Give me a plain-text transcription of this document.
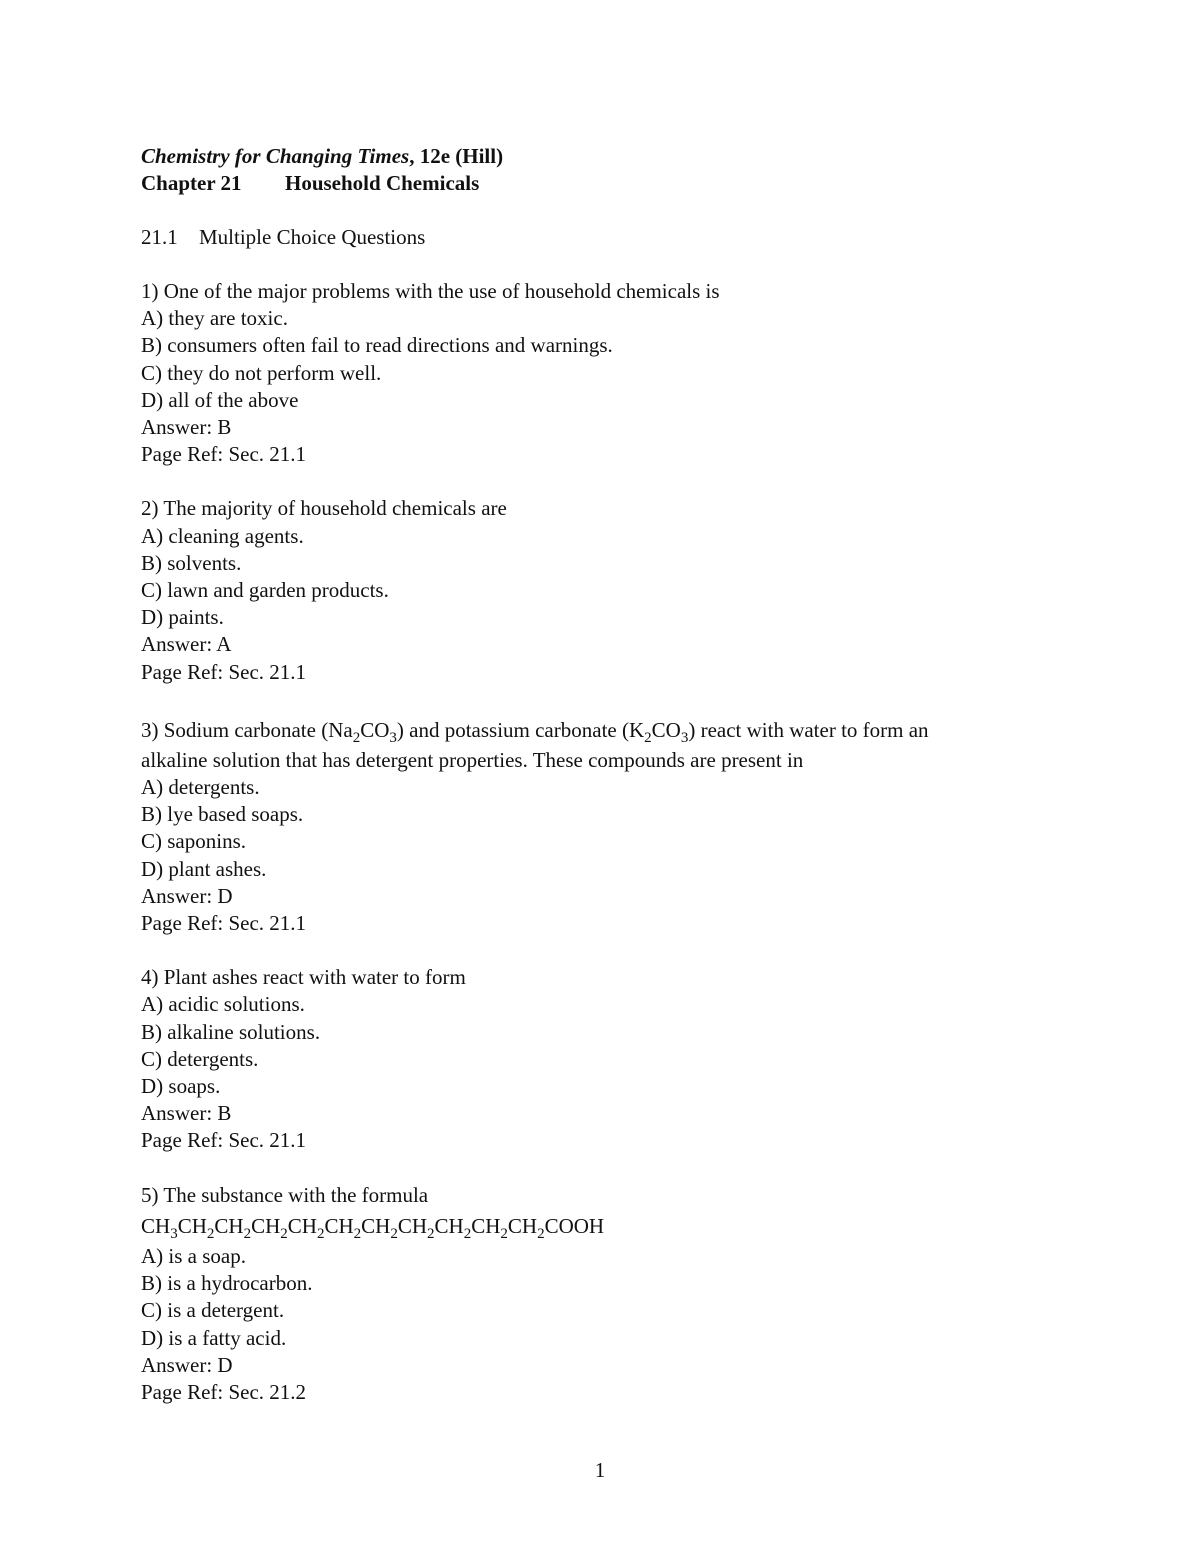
Chemistry for Changing Times, 12e (Hill)
Chapter 21 Household Chemicals
21.1 Multiple Choice Questions
1) One of the major problems with the use of household chemicals is
A) they are toxic.
B) consumers often fail to read directions and warnings.
C) they do not perform well.
D) all of the above
Answer: B
Page Ref: Sec. 21.1
2) The majority of household chemicals are
A) cleaning agents.
B) solvents.
C) lawn and garden products.
D) paints.
Answer: A
Page Ref: Sec. 21.1
3) Sodium carbonate $(Na_2CO_3)$ and potassium carbonate $(K_2CO_3)$ react with water to form an
alkaline solution that has detergent properties. These compounds are present in
A) detergents.
B) lye based soaps.
C) saponins.
D) plant ashes.
Answer: D
Page Ref: Sec. 21.1
4) Plant ashes react with water to form
A) acidic solutions.
B) alkaline solutions.
C) detergents.
D) soaps.
Answer: B
Page Ref: Sec. 21.1
5) The substance with the formula
$CH_3CH_2CH_2CH_2CH_2CH_2CH_2CH_2CH_2CH_2CH_2COOH$
A) is a soap.
B) is a hydrocarbon.
C) is a detergent.
D) is a fatty acid.
Answer: D
Page Ref: Sec. 21.2
1
